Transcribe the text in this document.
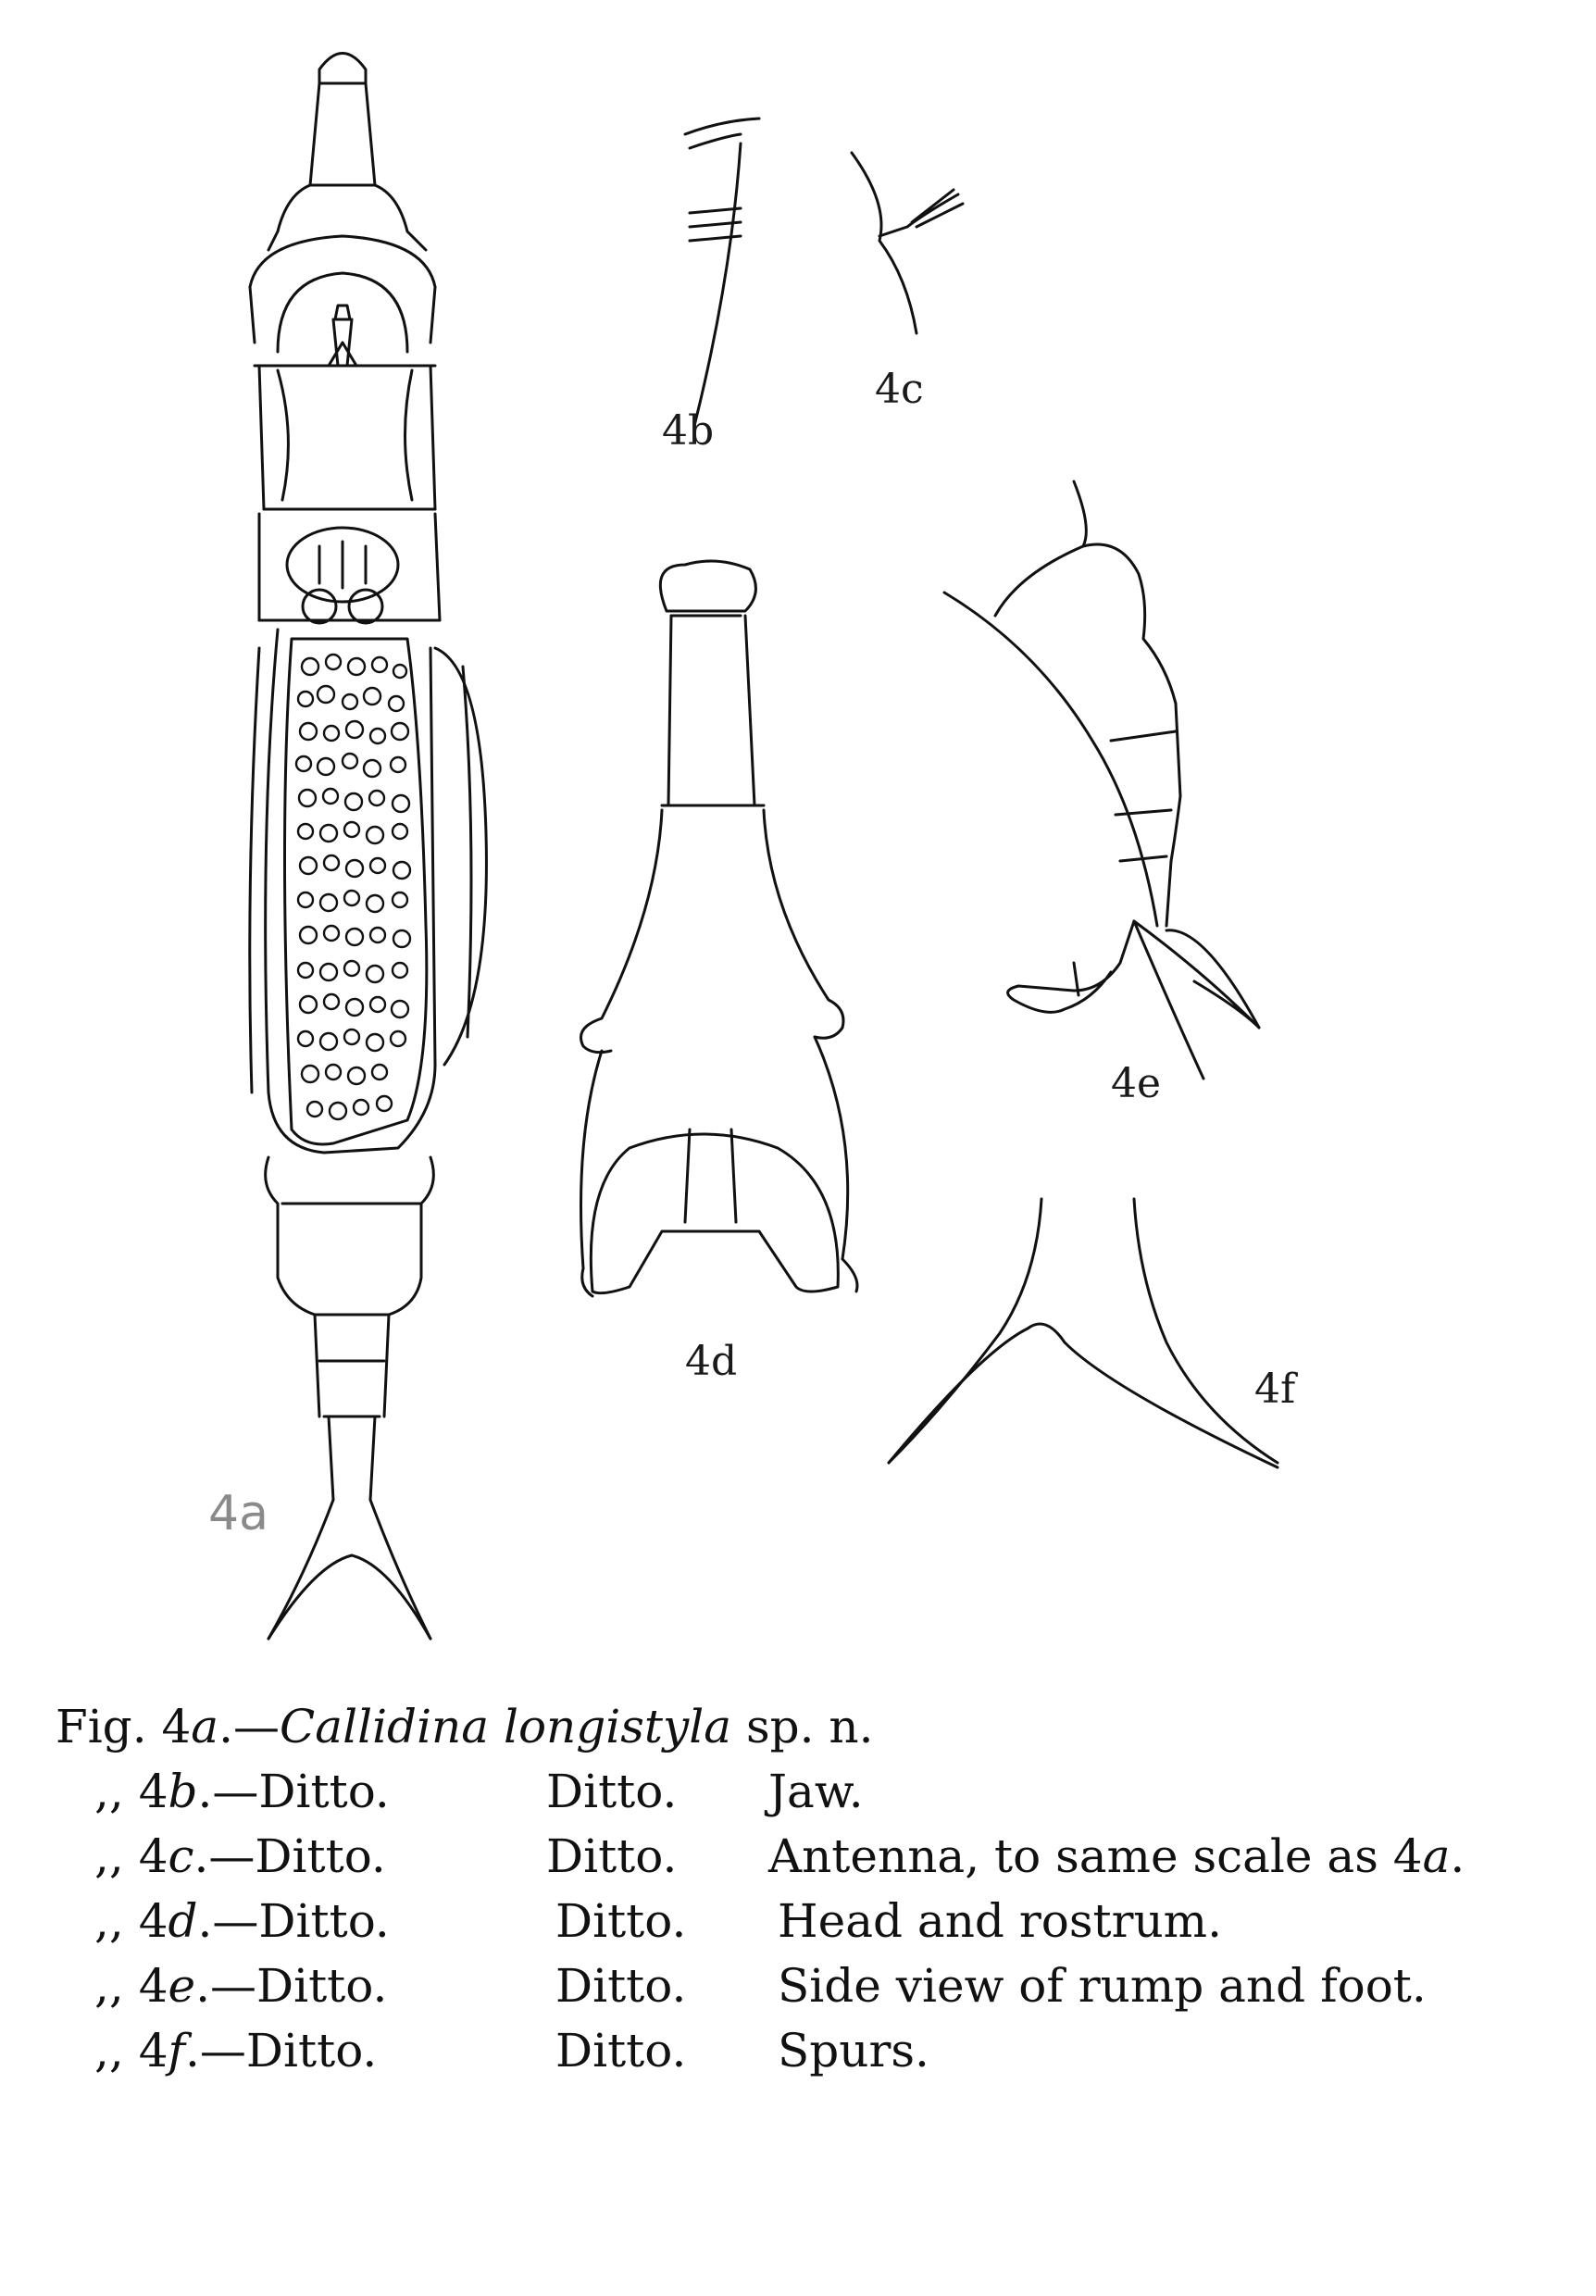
4a
4b
4c
4d
4e
4f
Fig. 4a.—Callidina longistyla sp. n.
,, 4b.—Ditto.	Ditto. Jaw.
,, 4c.—Ditto.	Ditto. Antenna, to same scale as 4a.
,, 4d.—Ditto.	Ditto. Head and rostrum.
,, 4e.—Ditto.	Ditto. Side view of rump and foot.
,, 4f.—Ditto.	Ditto. Spurs.
